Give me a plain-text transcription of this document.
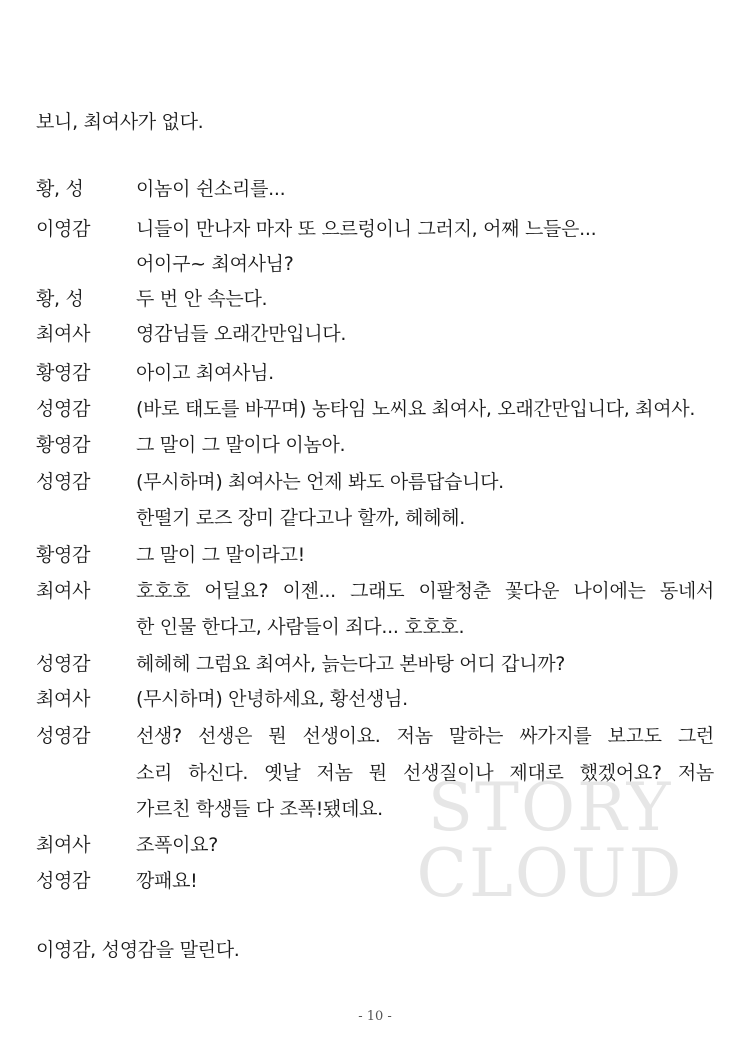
보니, 최여사가 없다.
황, 성	이놈이 쉰소리를...
이영감 니들이 만나자 마자 또 으르렁이니 그러지, 어째 느들은...
어이구~ 최여사님?
황, 성	두 번 안 속는다.
최여사 영감님들 오래간만입니다.
황영감 아이고 최여사님.
성영감 (바로 태도를 바꾸며) 농타임 노씨요 최여사, 오래간만입니다, 최여사.
황영감 그 말이 그 말이다 이놈아.
성영감 (무시하며) 최여사는 언제 봐도 아름답습니다.
한떨기 로즈 장미 같다고나 할까, 헤헤헤.
황영감 그 말이 그 말이라고!
최여사 호호호 어딜요? 이젠... 그래도 이팔청춘 꽃다운 나이에는 동네서
한 인물 한다고, 사람들이 죄다... 호호호.
성영감 헤헤헤 그럼요 최여사, 늙는다고 본바탕 어디 갑니까?
최여사 (무시하며) 안녕하세요, 황선생님.
성영감 선생? 선생은 뭔 선생이요. 저놈 말하는 싸가지를 보고도 그런
소리 하신다. 옛날 저놈 뭔 선생질이나 제대로 했겠어요? 저놈
가르친 학생들 다 조폭!됐데요.
최여사 조폭이요?
성영감 깡패요!
이영감, 성영감을 말린다.
STORY
CLOUD
- 10 -
